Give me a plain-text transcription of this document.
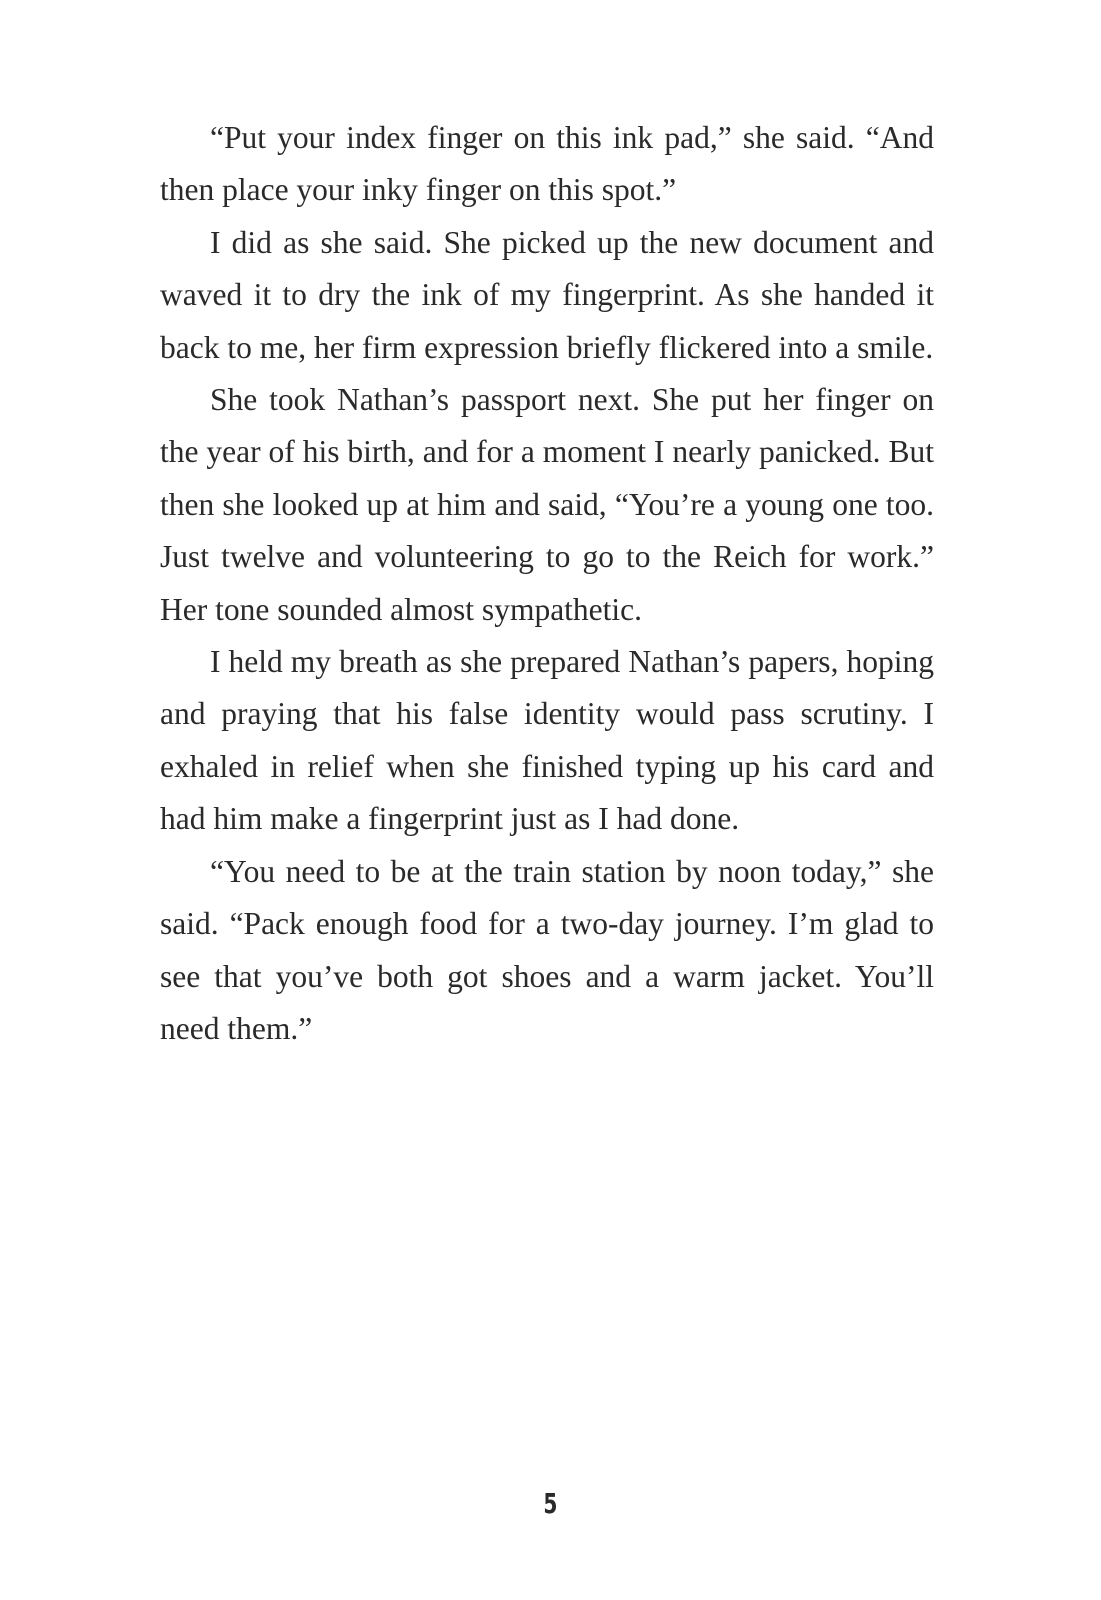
“Put your index finger on this ink pad,” she said. “And then place your inky finger on this spot.”

I did as she said. She picked up the new document and waved it to dry the ink of my fingerprint. As she handed it back to me, her firm expression briefly flickered into a smile.

She took Nathan’s passport next. She put her finger on the year of his birth, and for a moment I nearly panicked. But then she looked up at him and said, “You’re a young one too. Just twelve and volunteering to go to the Reich for work.” Her tone sounded almost sympathetic.

I held my breath as she prepared Nathan’s papers, hoping and praying that his false identity would pass scrutiny. I exhaled in relief when she finished typing up his card and had him make a fingerprint just as I had done.

“You need to be at the train station by noon today,” she said. “Pack enough food for a two-day journey. I’m glad to see that you’ve both got shoes and a warm jacket. You’ll need them.”

5
